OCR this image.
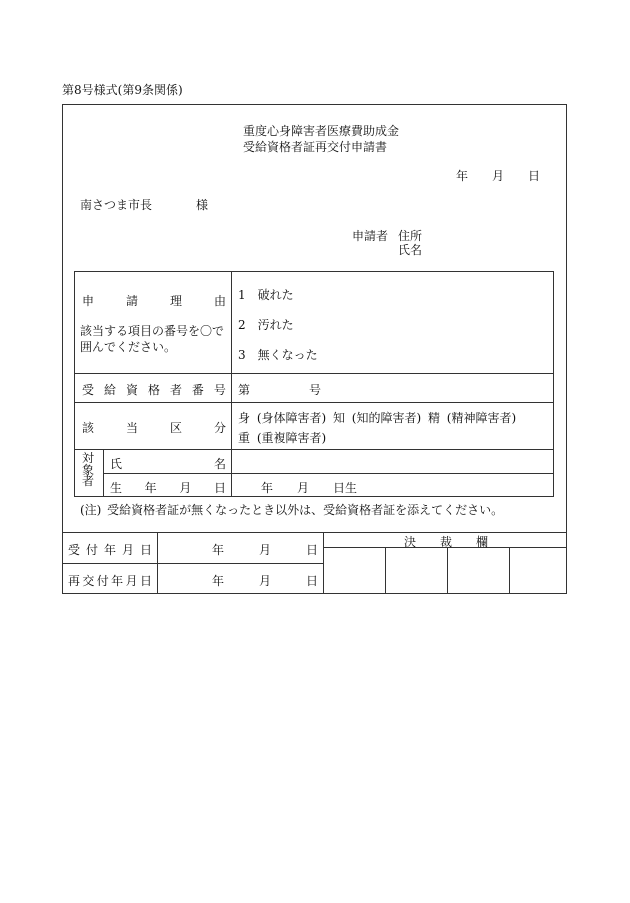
第8号様式(第9条関係)
重度心身障害者医療費助成金
受給資格者証再交付申請書
年 月 日
南さつま市長	様
申請者 住所
氏名
申	請	理	由
該当する項目の番号を〇で
囲んでください。
1　 破れた
2　 汚れた
3　 無くなった
受 給 資 格 者 番 号 第	号
該	当	区	分
身 (身体障害者) 知 (知的障害者) 精 (精神障害者)
重 (重複障害者)
対
象
者
氏	名
生 年 月 日	年 月 日生
(注) 受給資格者証が無くなったとき以外は、受給資格者証を添えてください。
受 付 年 月 日	年	月	日
再 交 付 年 月 日	年	月	日
決 裁 欄
